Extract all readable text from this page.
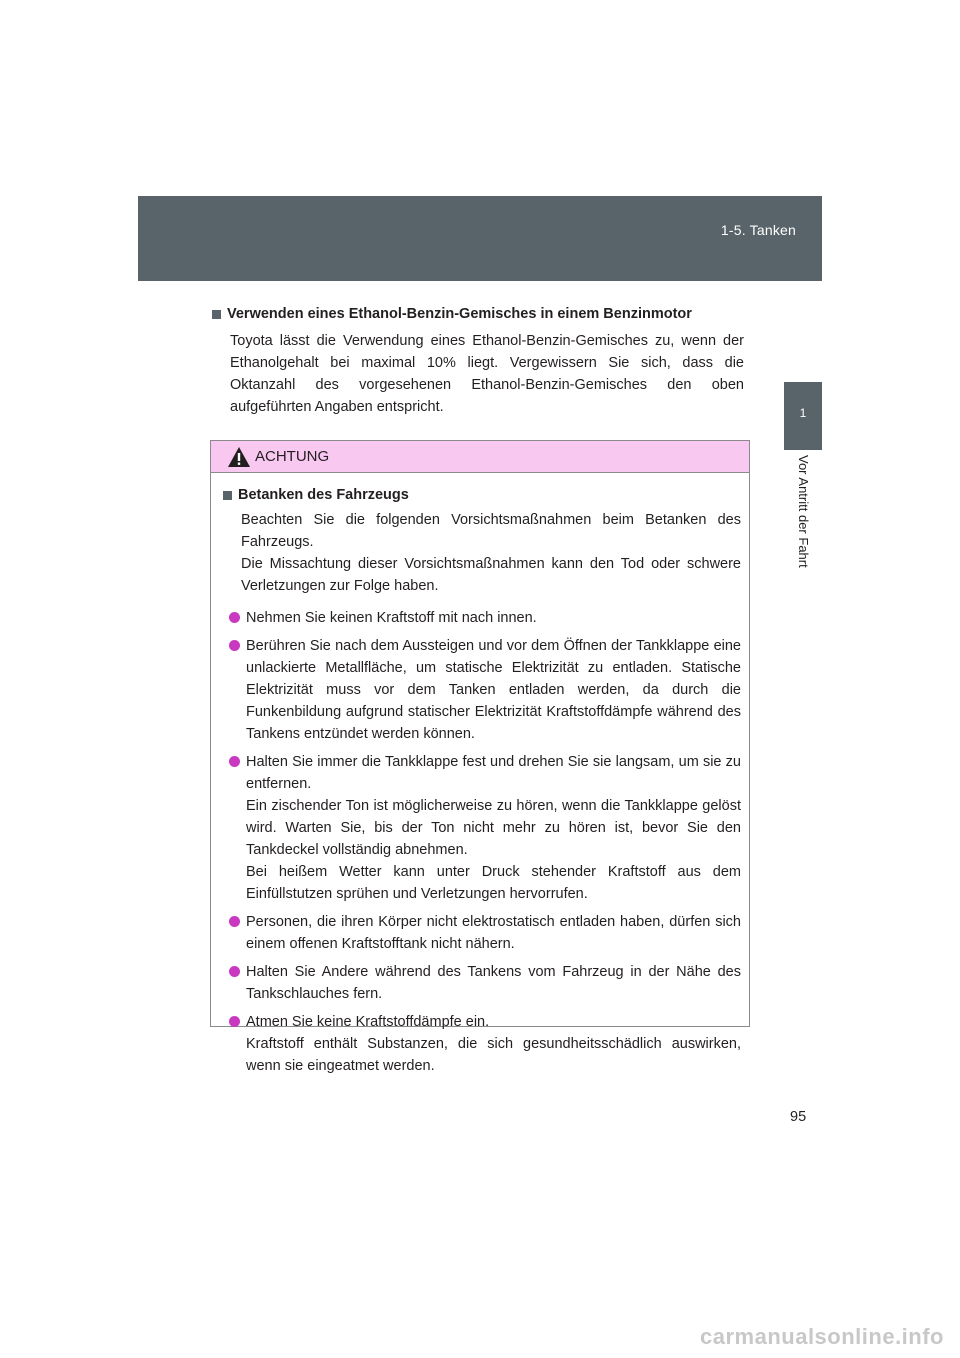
1-5. Tanken
1
Vor Antritt der Fahrt
Verwenden eines Ethanol-Benzin-Gemisches in einem Benzinmotor

Toyota lässt die Verwendung eines Ethanol-Benzin-Gemisches zu, wenn der Ethanolgehalt bei maximal 10% liegt. Vergewissern Sie sich, dass die Oktanzahl des vorgesehenen Ethanol-Benzin-Gemisches den oben aufgeführten Angaben entspricht.

ACHTUNG
Betanken des Fahrzeugs

Beachten Sie die folgenden Vorsichtsmaßnahmen beim Betanken des Fahrzeugs.

Die Missachtung dieser Vorsichtsmaßnahmen kann den Tod oder schwere Verletzungen zur Folge haben.

Nehmen Sie keinen Kraftstoff mit nach innen.
Berühren Sie nach dem Aussteigen und vor dem Öffnen der Tankklappe eine unlackierte Metallfläche, um statische Elektrizität zu entladen. Statische Elektrizität muss vor dem Tanken entladen werden, da durch die Funkenbildung aufgrund statischer Elektrizität Kraftstoffdämpfe während des Tankens entzündet werden können.
Halten Sie immer die Tankklappe fest und drehen Sie sie langsam, um sie zu entfernen.
Ein zischender Ton ist möglicherweise zu hören, wenn die Tankklappe gelöst wird. Warten Sie, bis der Ton nicht mehr zu hören ist, bevor Sie den Tankdeckel vollständig abnehmen.
Bei heißem Wetter kann unter Druck stehender Kraftstoff aus dem Einfüllstutzen sprühen und Verletzungen hervorrufen.
Personen, die ihren Körper nicht elektrostatisch entladen haben, dürfen sich einem offenen Kraftstofftank nicht nähern.
Halten Sie Andere während des Tankens vom Fahrzeug in der Nähe des Tankschlauches fern.
Atmen Sie keine Kraftstoffdämpfe ein.
Kraftstoff enthält Substanzen, die sich gesundheitsschädlich auswirken, wenn sie eingeatmet werden.
95
carmanualsonline.info
